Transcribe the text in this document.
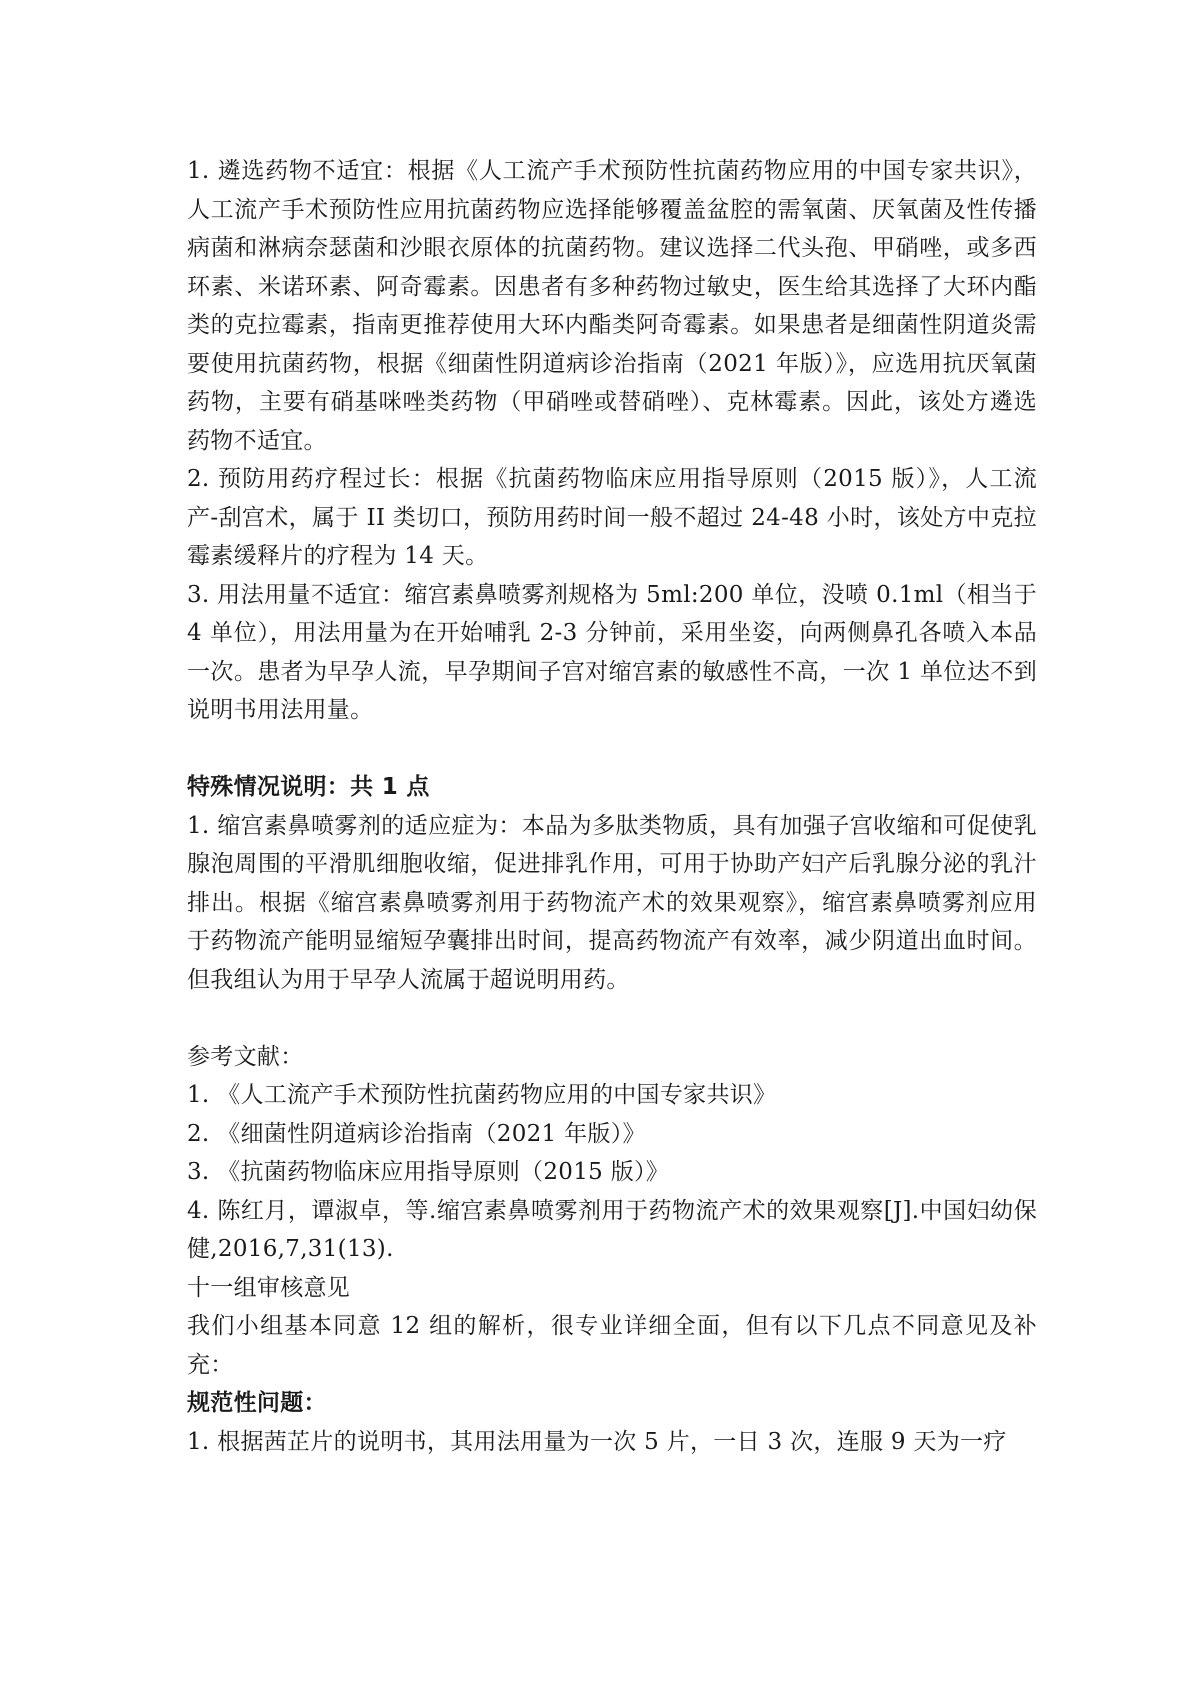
1. 遴选药物不适宜：根据《人工流产手术预防性抗菌药物应用的中国专家共识》，人工流产手术预防性应用抗菌药物应选择能够覆盖盆腔的需氧菌、厌氧菌及性传播病菌和淋病奈瑟菌和沙眼衣原体的抗菌药物。建议选择二代头孢、甲硝唑，或多西环素、米诺环素、阿奇霉素。因患者有多种药物过敏史，医生给其选择了大环内酯类的克拉霉素，指南更推荐使用大环内酯类阿奇霉素。如果患者是细菌性阴道炎需要使用抗菌药物，根据《细菌性阴道病诊治指南（2021 年版）》，应选用抗厌氧菌药物，主要有硝基咪唑类药物（甲硝唑或替硝唑）、克林霉素。因此，该处方遴选药物不适宜。

2. 预防用药疗程过长：根据《抗菌药物临床应用指导原则（2015 版）》，人工流产-刮宫术，属于 II 类切口，预防用药时间一般不超过 24-48 小时，该处方中克拉霉素缓释片的疗程为 14 天。

3. 用法用量不适宜：缩宫素鼻喷雾剂规格为 5ml:200 单位，没喷 0.1ml（相当于 4 单位），用法用量为在开始哺乳 2-3 分钟前，采用坐姿，向两侧鼻孔各喷入本品一次。患者为早孕人流，早孕期间子宫对缩宫素的敏感性不高，一次 1 单位达不到说明书用法用量。

特殊情况说明：共 1 点

1. 缩宫素鼻喷雾剂的适应症为：本品为多肽类物质，具有加强子宫收缩和可促使乳腺泡周围的平滑肌细胞收缩，促进排乳作用，可用于协助产妇产后乳腺分泌的乳汁排出。根据《缩宫素鼻喷雾剂用于药物流产术的效果观察》，缩宫素鼻喷雾剂应用于药物流产能明显缩短孕囊排出时间，提高药物流产有效率，减少阴道出血时间。但我组认为用于早孕人流属于超说明用药。

参考文献：

1. 《人工流产手术预防性抗菌药物应用的中国专家共识》

2. 《细菌性阴道病诊治指南（2021 年版）》

3. 《抗菌药物临床应用指导原则（2015 版）》

4. 陈红月，谭淑卓，等.缩宫素鼻喷雾剂用于药物流产术的效果观察[J].中国妇幼保健,2016,7,31(13).

十一组审核意见

我们小组基本同意 12 组的解析，很专业详细全面，但有以下几点不同意见及补充：

规范性问题：

1. 根据茜芷片的说明书，其用法用量为一次 5 片，一日 3 次，连服 9 天为一疗
